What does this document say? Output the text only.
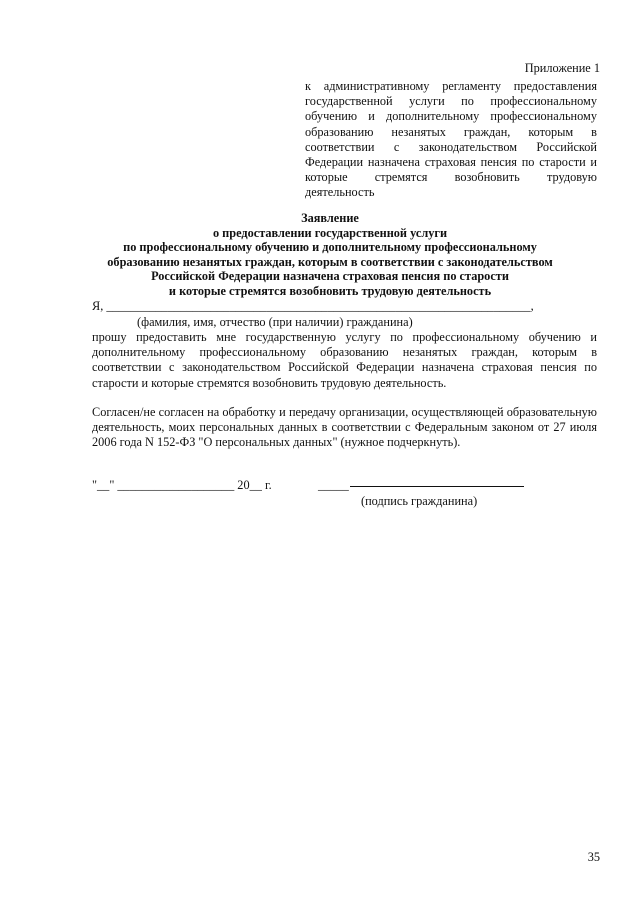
Приложение 1
к административному регламенту предоставления государственной услуги по профессиональному обучению и дополнительному профессиональному образованию незанятых граждан, которым в соответствии с законодательством Российской Федерации назначена страховая пенсия по старости и которые стремятся возобновить трудовую деятельность
Заявление
о предоставлении государственной услуги
по профессиональному обучению и дополнительному профессиональному
образованию незанятых граждан, которым в соответствии с законодательством
Российской Федерации назначена страховая пенсия по старости
и которые стремятся возобновить трудовую деятельность
Я, _____________________________________________________________________,
(фамилия, имя, отчество (при наличии) гражданина)
прошу предоставить мне государственную услугу по профессиональному обучению и дополнительному профессиональному образованию незанятых граждан, которым в соответствии с законодательством Российской Федерации назначена страховая пенсия по старости и которые стремятся возобновить трудовую деятельность.
Согласен/не согласен на обработку и передачу организации, осуществляющей образовательную деятельность, моих персональных данных в соответствии с Федеральным законом от 27 июля 2006 года N 152-ФЗ "О персональных данных" (нужное подчеркнуть).
"__" ___________________ 20__ г.	_____
(подпись гражданина)
35
